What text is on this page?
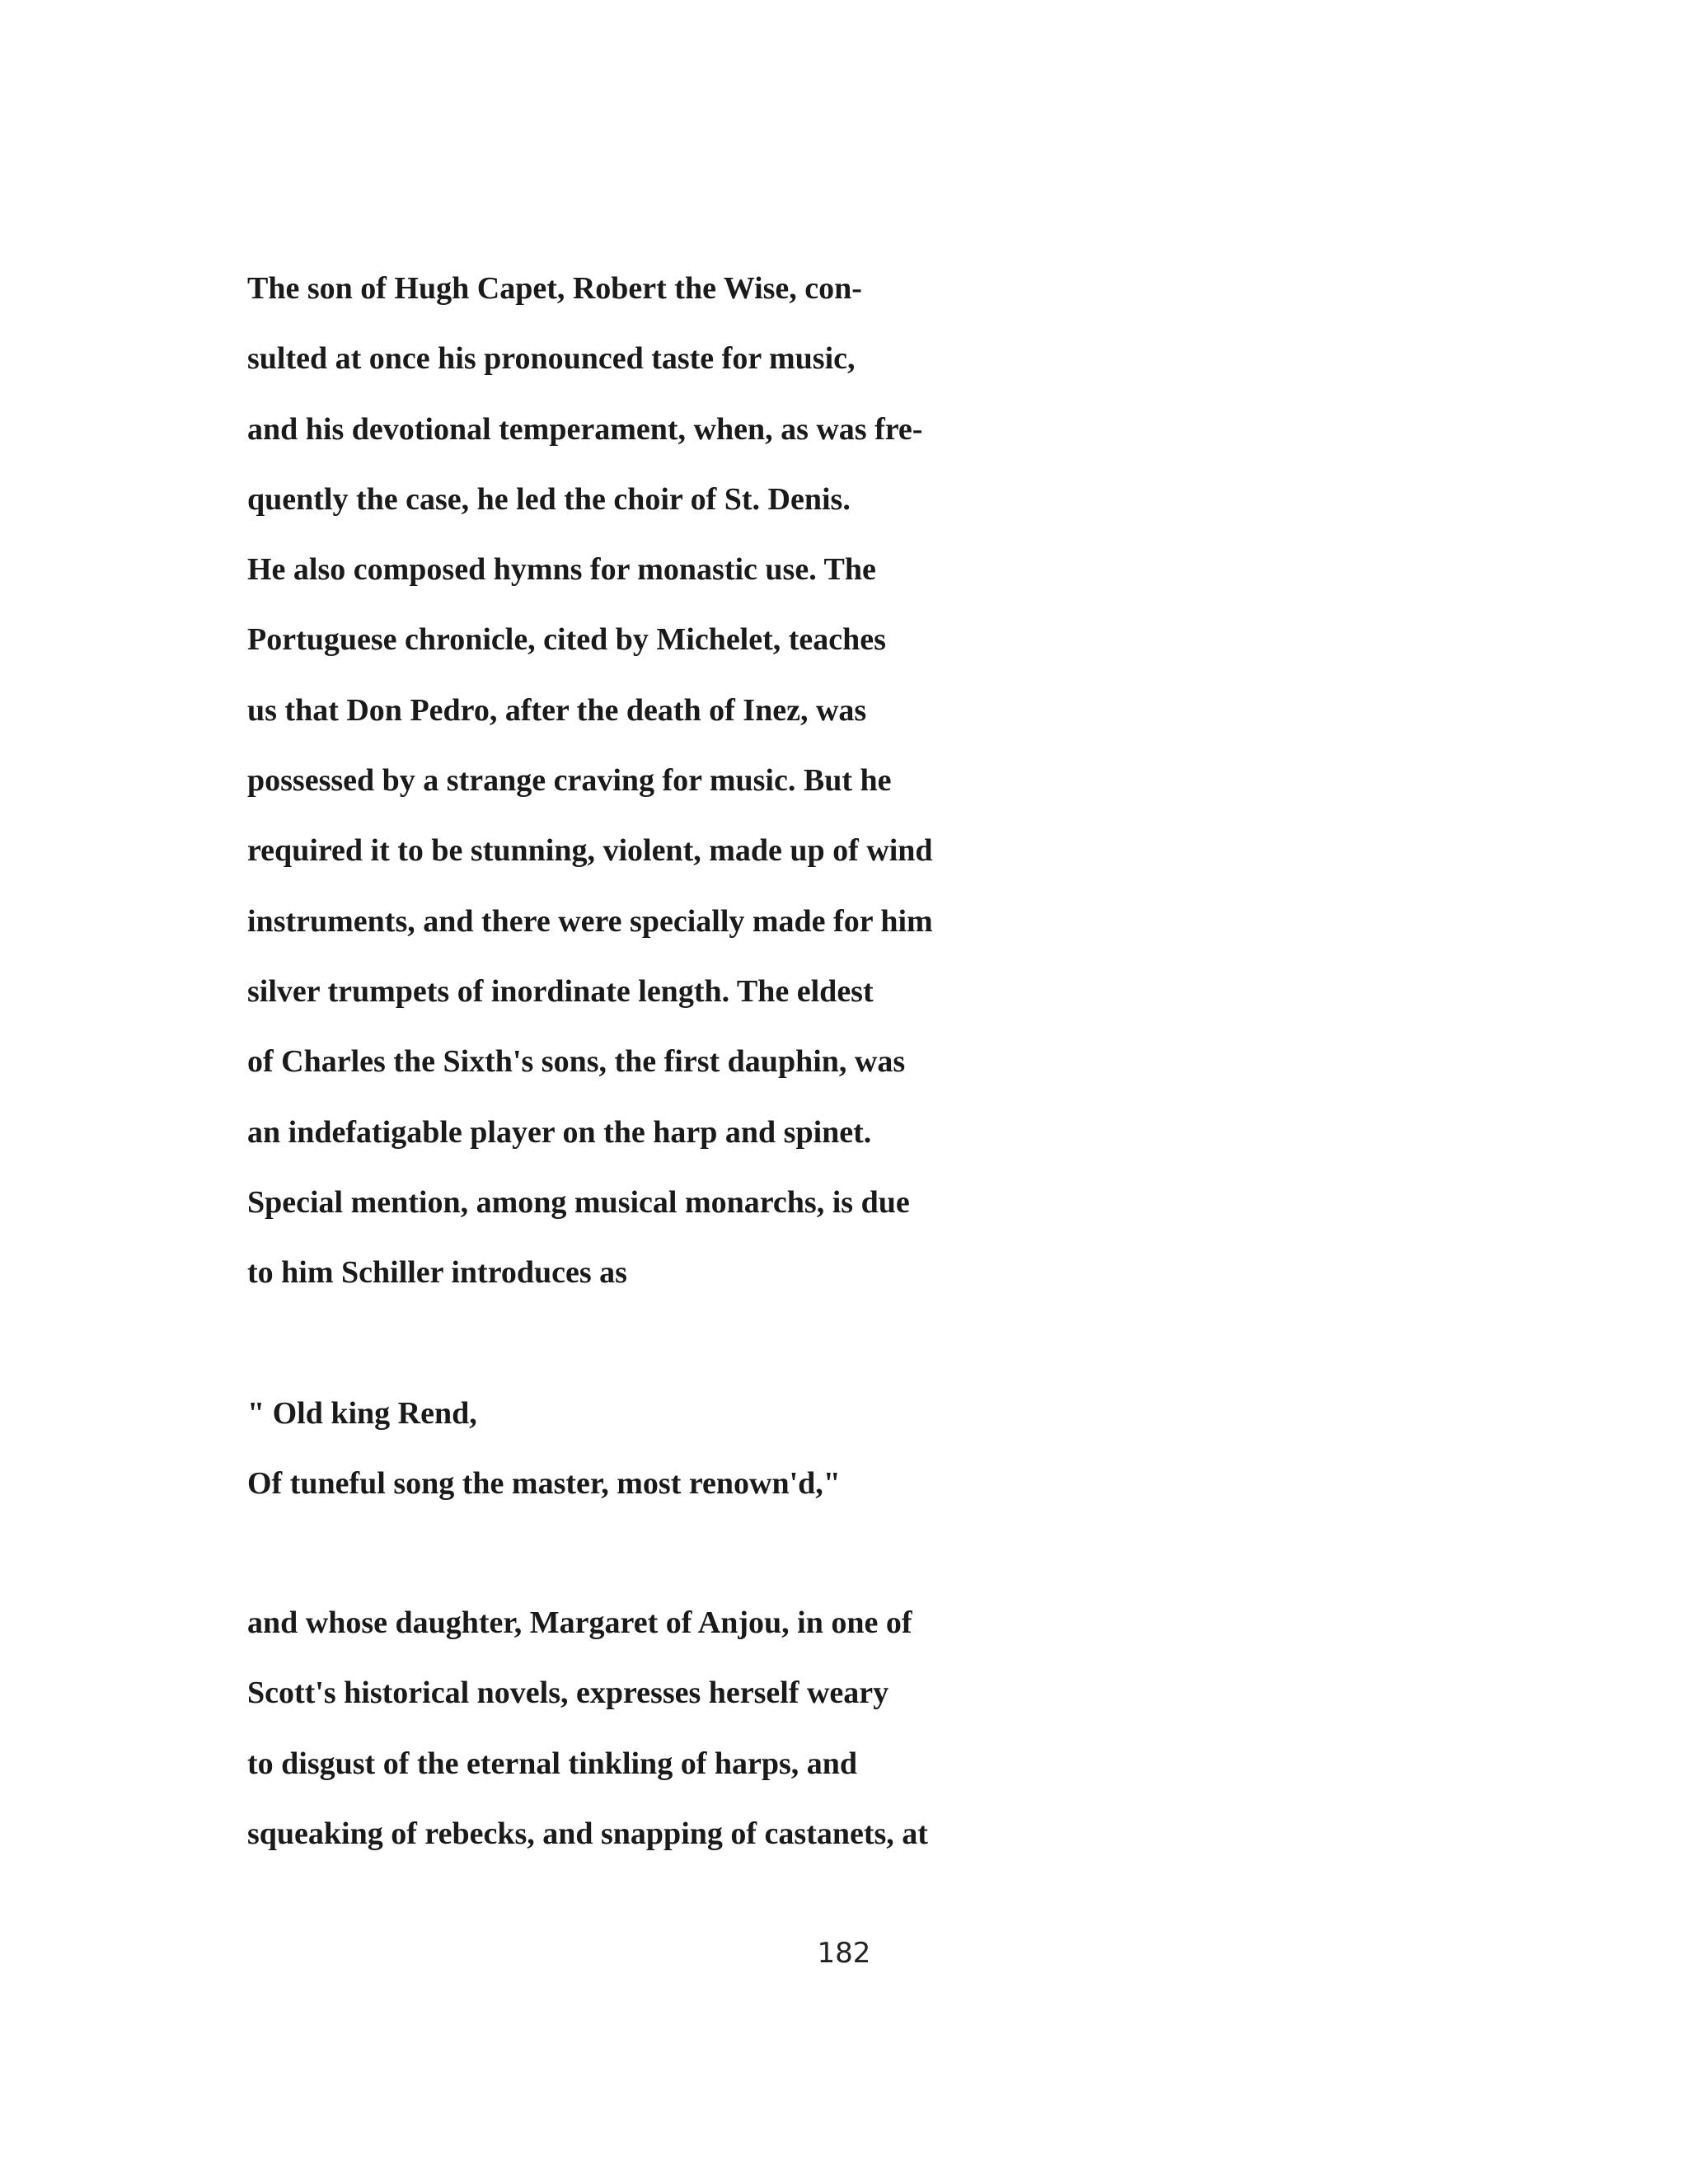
The son of Hugh Capet, Robert the Wise, con-
sulted at once his pronounced taste for music,
and his devotional temperament, when, as was fre-
quently the case, he led the choir of St. Denis.
He also composed hymns for monastic use. The
Portuguese chronicle, cited by Michelet, teaches
us that Don Pedro, after the death of Inez, was
possessed by a strange craving for music. But he
required it to be stunning, violent, made up of wind
instruments, and there were specially made for him
silver trumpets of inordinate length. The eldest
of Charles the Sixth's sons, the first dauphin, was
an indefatigable player on the harp and spinet.
Special mention, among musical monarchs, is due
to him Schiller introduces as
" Old king Rend,
Of tuneful song the master, most renown'd,"
and whose daughter, Margaret of Anjou, in one of
Scott's historical novels, expresses herself weary
to disgust of the eternal tinkling of harps, and
squeaking of rebecks, and snapping of castanets, at
182
